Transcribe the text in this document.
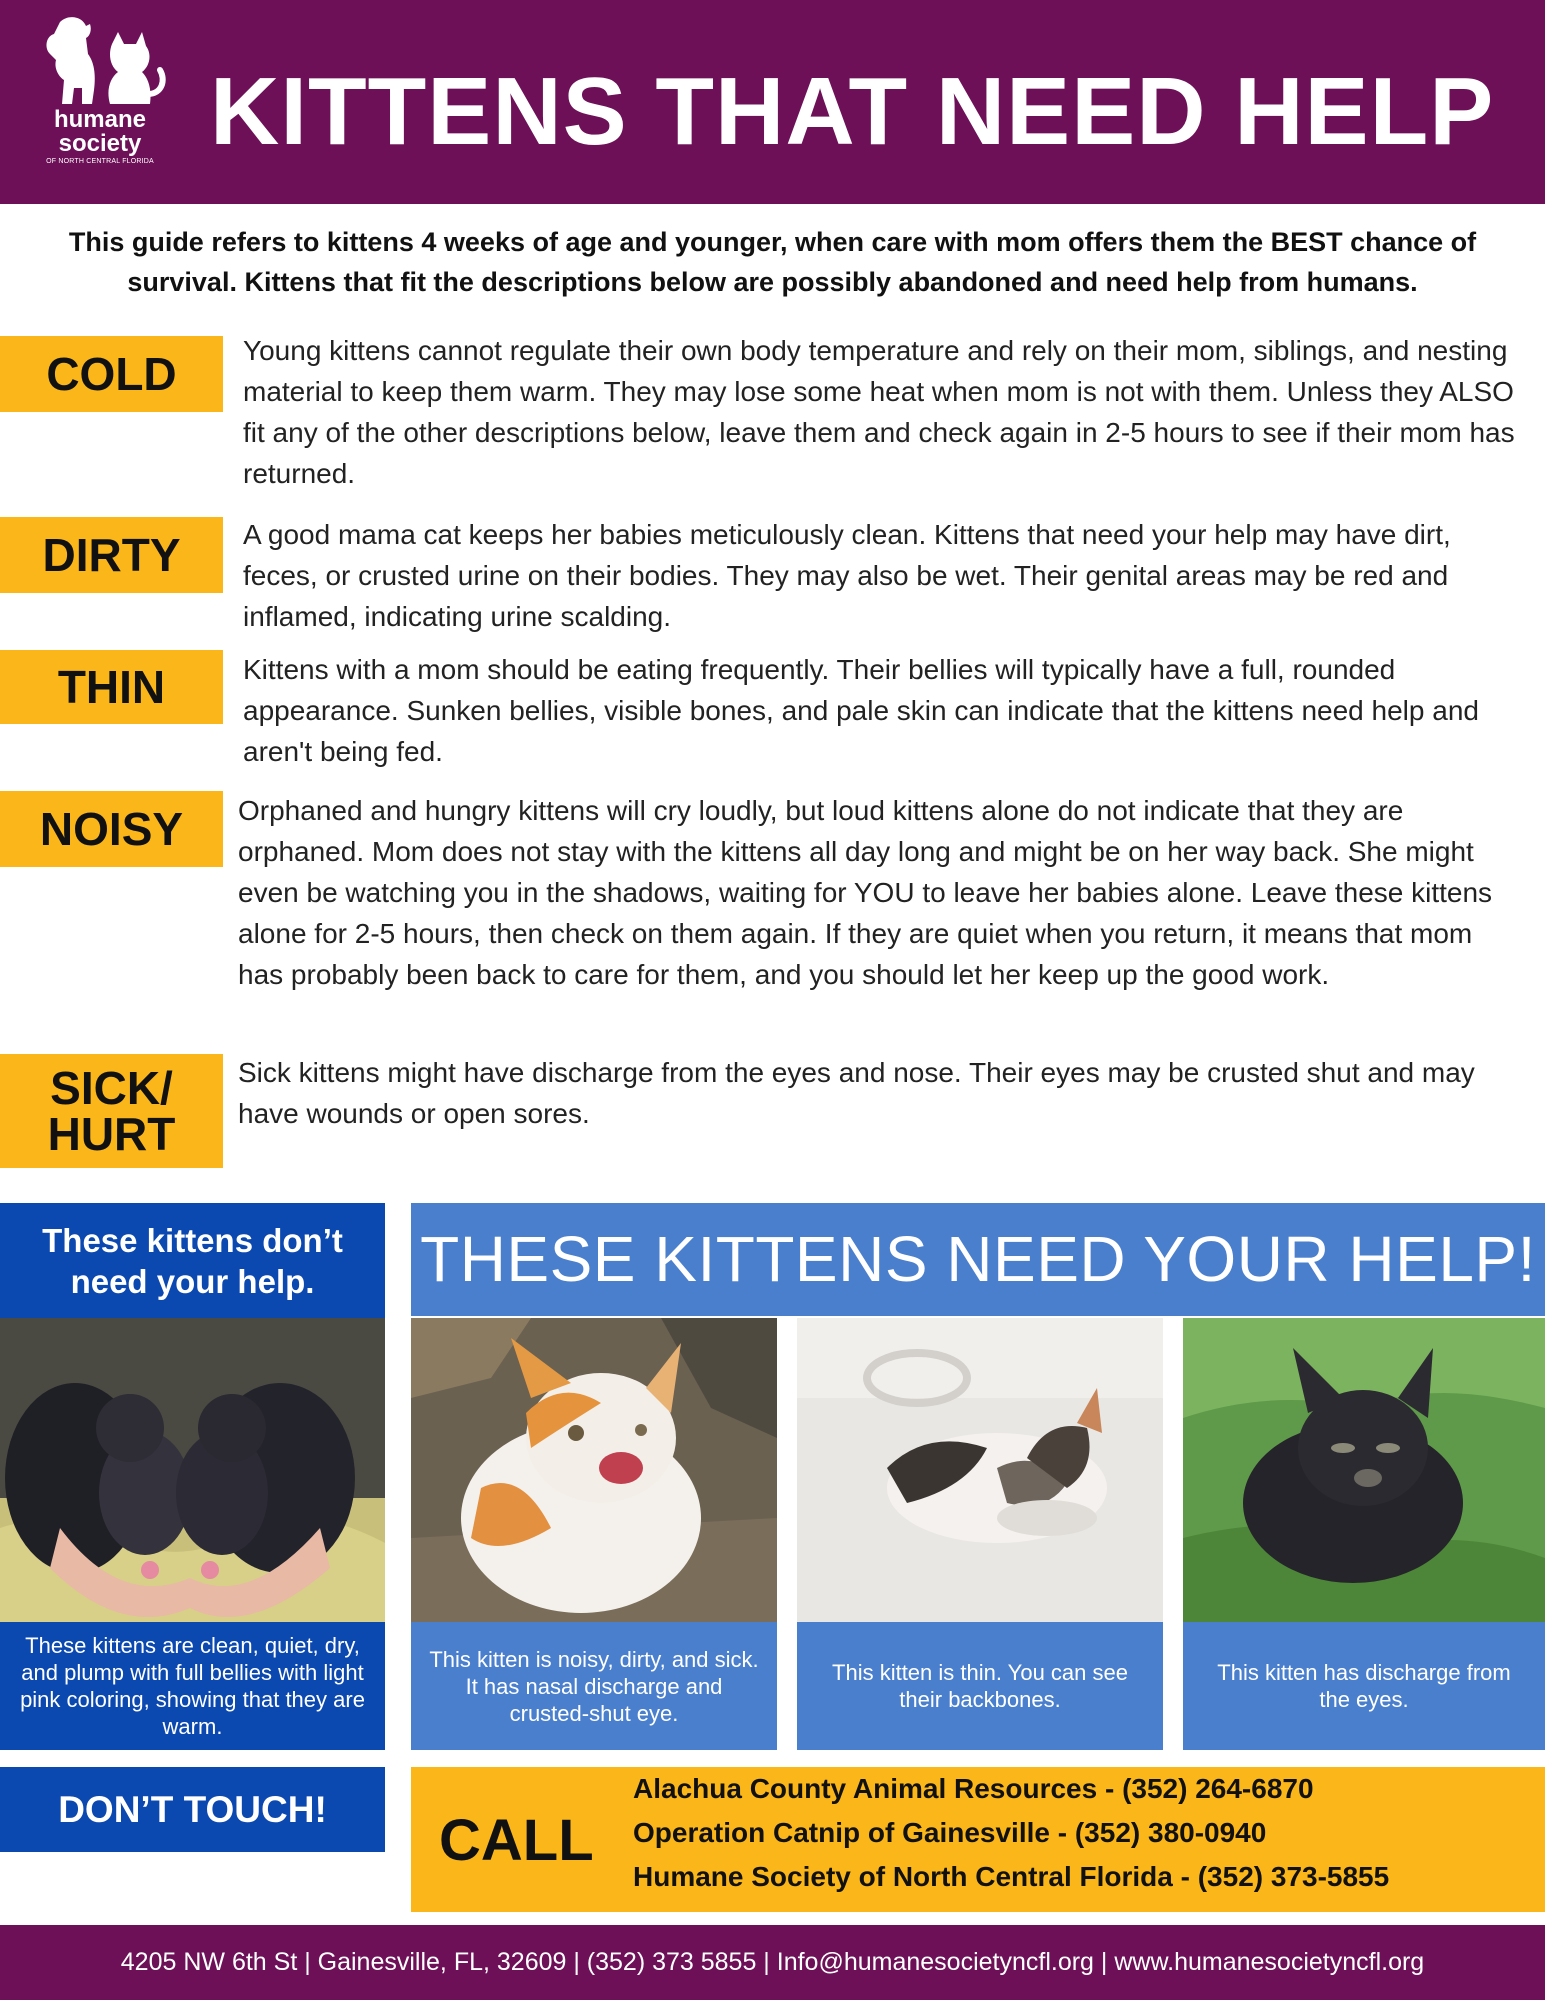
humane
society
OF NORTH CENTRAL FLORIDA KITTENS THAT NEED HELP
This guide refers to kittens 4 weeks of age and younger, when care with mom offers them the BEST chance of survival. Kittens that fit the descriptions below are possibly abandoned and need help from humans.
COLD Young kittens cannot regulate their own body temperature and rely on their mom, siblings, and nesting material to keep them warm. They may lose some heat when mom is not with them. Unless they ALSO fit any of the other descriptions below, leave them and check again in 2-5 hours to see if their mom has returned.
DIRTY A good mama cat keeps her babies meticulously clean. Kittens that need your help may have dirt, feces, or crusted urine on their bodies. They may also be wet. Their genital areas may be red and inflamed, indicating urine scalding.
THIN	Kittens with a mom should be eating frequently. Their bellies will typically have a full, rounded appearance. Sunken bellies, visible bones, and pale skin can indicate that the kittens need help and aren't being fed.
NOISY Orphaned and hungry kittens will cry loudly, but loud kittens alone do not indicate that they are orphaned. Mom does not stay with the kittens all day long and might be on her way back. She might even be watching you in the shadows, waiting for YOU to leave her babies alone. Leave these kittens alone for 2-5 hours, then check on them again. If they are quiet when you return, it means that mom has probably been back to care for them, and you should let her keep up the good work.
SICK/
HURT
Sick kittens might have discharge from the eyes and nose. Their eyes may be crusted shut and may have wounds or open sores.
These kittens don’t need your help.
These kittens are clean, quiet, dry, and plump with full bellies with light pink coloring, showing that they are warm.
DON’T TOUCH!
THESE KITTENS NEED YOUR HELP!
This kitten is noisy, dirty, and sick. It has nasal discharge and crusted-shut eye.
This kitten is thin. You can see their backbones.
This kitten has discharge from the eyes.
CALL
Alachua County Animal Resources - (352) 264-6870
Operation Catnip of Gainesville - (352) 380-0940
Humane Society of North Central Florida - (352) 373-5855
4205 NW 6th St | Gainesville, FL, 32609 | (352) 373 5855 | Info@humanesocietyncfl.org | www.humanesocietyncfl.org
